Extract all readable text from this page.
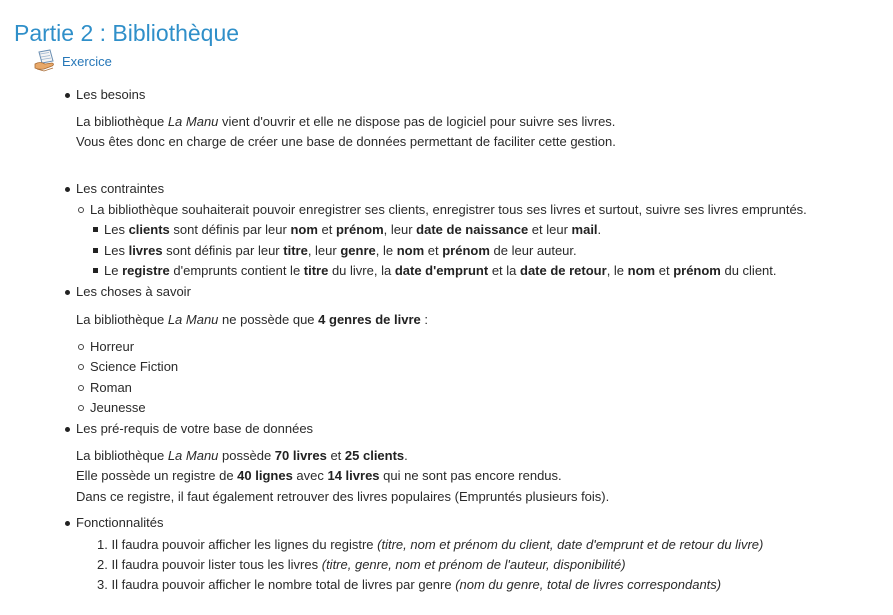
Partie 2 : Bibliothèque
Exercice
Les besoins
La bibliothèque La Manu vient d'ouvrir et elle ne dispose pas de logiciel pour suivre ses livres.
Vous êtes donc en charge de créer une base de données permettant de faciliter cette gestion.
Les contraintes
La bibliothèque souhaiterait pouvoir enregistrer ses clients, enregistrer tous ses livres et surtout, suivre ses livres empruntés.
Les clients sont définis par leur nom et prénom, leur date de naissance et leur mail.
Les livres sont définis par leur titre, leur genre, le nom et prénom de leur auteur.
Le registre d'emprunts contient le titre du livre, la date d'emprunt et la date de retour, le nom et prénom du client.
Les choses à savoir
La bibliothèque La Manu ne possède que 4 genres de livre :
Horreur
Science Fiction
Roman
Jeunesse
Les pré-requis de votre base de données
La bibliothèque La Manu possède 70 livres et 25 clients.
Elle possède un registre de 40 lignes avec 14 livres qui ne sont pas encore rendus.
Dans ce registre, il faut également retrouver des livres populaires (Empruntés plusieurs fois).
Fonctionnalités
1. Il faudra pouvoir afficher les lignes du registre (titre, nom et prénom du client, date d'emprunt et de retour du livre)
2. Il faudra pouvoir lister tous les livres (titre, genre, nom et prénom de l'auteur, disponibilité)
3. Il faudra pouvoir afficher le nombre total de livres par genre (nom du genre, total de livres correspondants)
